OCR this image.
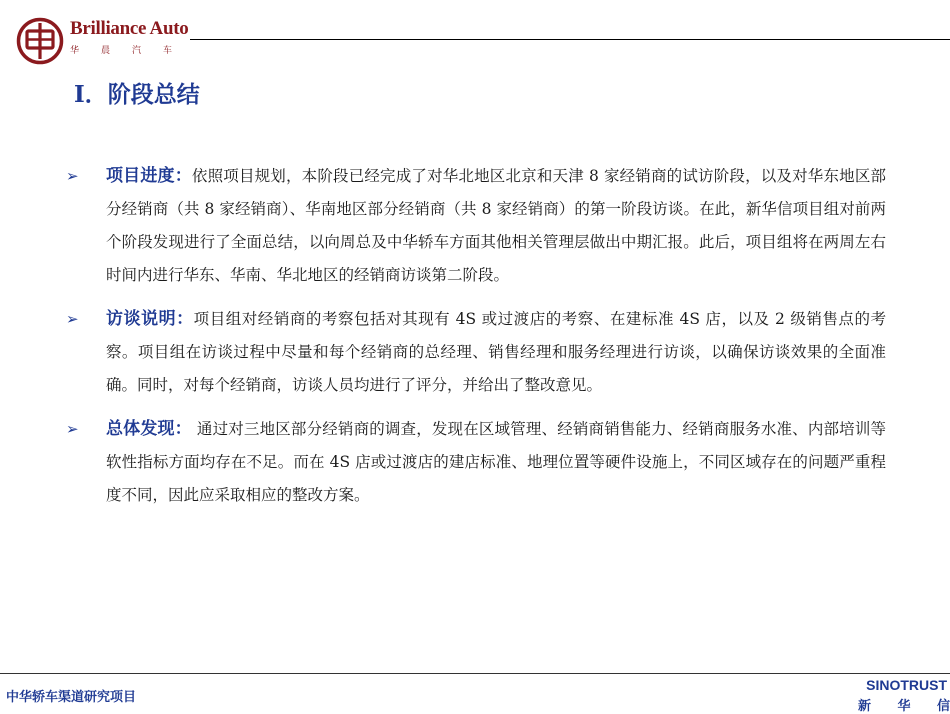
Brilliance Auto
华 晨 汽 车
I．阶段总结
➢ 项目进度：依照项目规划，本阶段已经完成了对华北地区北京和天津 8 家经销商的试访阶段，以及对华东地区部分经销商（共 8 家经销商）、华南地区部分经销商（共 8 家经销商）的第一阶段访谈。在此，新华信项目组对前两个阶段发现进行了全面总结，以向周总及中华轿车方面其他相关管理层做出中期汇报。此后，项目组将在两周左右时间内进行华东、华南、华北地区的经销商访谈第二阶段。

➢ 访谈说明：项目组对经销商的考察包括对其现有 4S 或过渡店的考察、在建标准 4S 店，以及 2 级销售点的考察。项目组在访谈过程中尽量和每个经销商的总经理、销售经理和服务经理进行访谈，以确保访谈效果的全面准确。同时，对每个经销商，访谈人员均进行了评分，并给出了整改意见。

➢ 总体发现： 通过对三地区部分经销商的调查，发现在区域管理、经销商销售能力、经销商服务水准、内部培训等软性指标方面均存在不足。而在 4S 店或过渡店的建店标准、地理位置等硬件设施上，不同区域存在的问题严重程度不同，因此应采取相应的整改方案。

中华轿车渠道研究项目
SINOTRUST
新 华 信
